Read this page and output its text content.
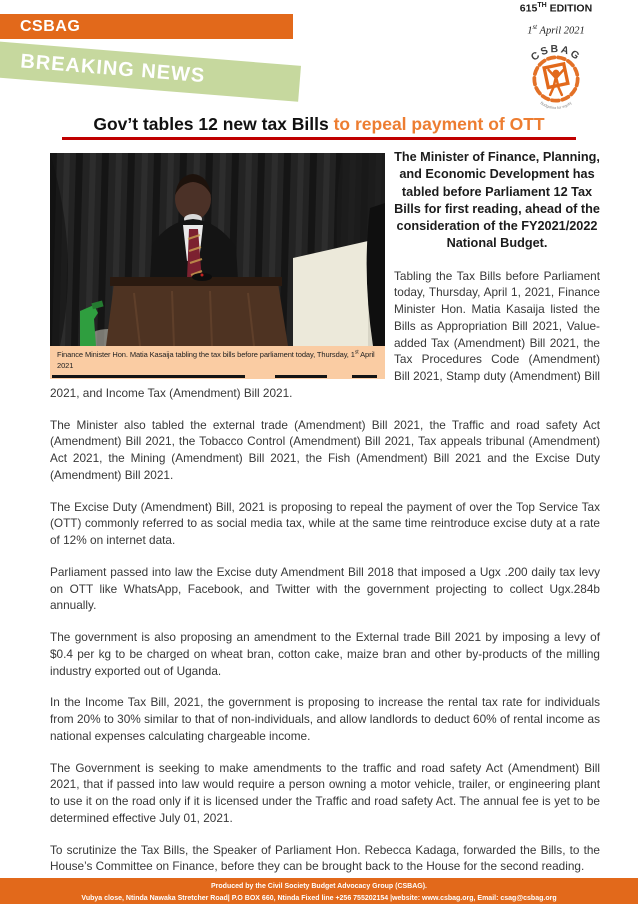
CSBAG
BREAKING NEWS
615TH EDITION
1st April 2021
CSBAG
Budgeting for equity
Gov’t tables 12 new tax Bills to repeal payment of OTT
Finance Minister Hon. Matia Kasaija tabling the tax bills before parliament today, Thursday, 1st April 2021

The Minister of Finance, Planning, and Economic Development has tabled before Parliament 12 Tax Bills for first reading, ahead of the consideration of the FY2021/2022 National Budget.

Tabling the Tax Bills before Parliament today, Thursday, April 1, 2021, Finance Minister Hon. Matia Kasaija listed the Bills as Appropriation Bill 2021, Value-added Tax (Amendment) Bill 2021, the Tax Procedures Code (Amendment) Bill 2021, Stamp duty (Amendment) Bill 2021, and Income Tax (Amendment) Bill 2021.

The Minister also tabled the external trade (Amendment) Bill 2021, the Traffic and road safety Act (Amendment) Bill 2021, the Tobacco Control (Amendment) Bill 2021, Tax appeals tribunal (Amendment) Act 2021, the Mining (Amendment) Bill 2021, the Fish (Amendment) Bill 2021 and the Excise Duty (Amendment) Bill 2021.

The Excise Duty (Amendment) Bill, 2021 is proposing to repeal the payment of over the Top Service Tax (OTT) commonly referred to as social media tax, while at the same time reintroduce excise duty at a rate of 12% on internet data.

Parliament passed into law the Excise duty Amendment Bill 2018 that imposed a Ugx .200 daily tax levy on OTT like WhatsApp, Facebook, and Twitter with the government projecting to collect Ugx.284b annually.

The government is also proposing an amendment to the External trade Bill 2021 by imposing a levy of $0.4 per kg to be charged on wheat bran, cotton cake, maize bran and other by-products of the milling industry exported out of Uganda.

In the Income Tax Bill, 2021, the government is proposing to increase the rental tax rate for individuals from 20% to 30% similar to that of non-individuals, and allow landlords to deduct 60% of rental income as national expenses calculating chargeable income.

The Government is seeking to make amendments to the traffic and road safety Act (Amendment) Bill 2021, that if passed into law would require a person owning a motor vehicle, trailer, or engineering plant to use it on the road only if it is licensed under the Traffic and road safety Act. The annual fee is yet to be determined effective July 01, 2021.

To scrutinize the Tax Bills, the Speaker of Parliament Hon. Rebecca Kadaga, forwarded the Bills, to the House’s Committee on Finance, before they can be brought back to the House for the second reading.

Produced by the Civil Society Budget Advocacy Group (CSBAG).
Vubya close, Ntinda Nawaka Stretcher Road| P.O BOX 660, Ntinda Fixed line +256 755202154 |website: www.csbag.org, Email: csag@csbag.org
